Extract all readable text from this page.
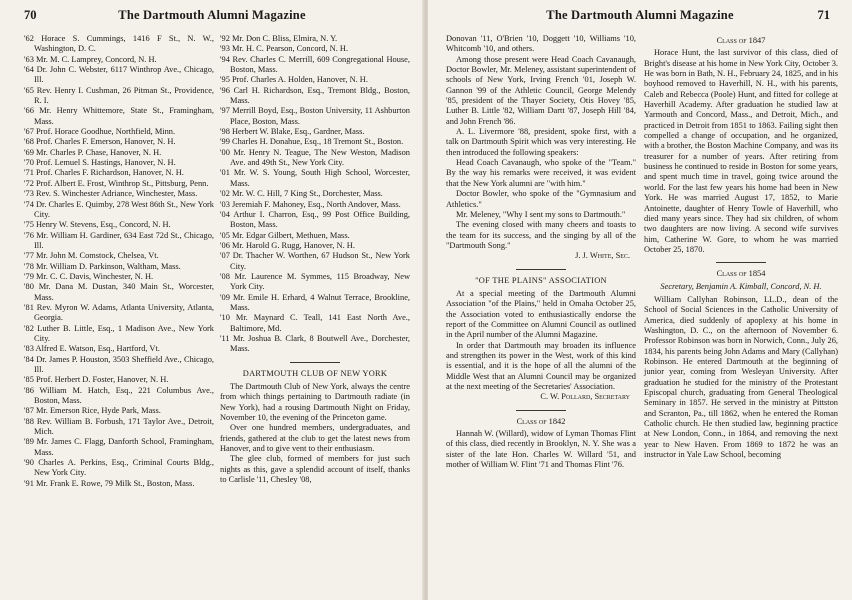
70	The Dartmouth Alumni Magazine
'62 Horace S. Cummings, 1416 F St., N. W., Washington, D. C.
'63 Mr. M. C. Lamprey, Concord, N. H.
'64 Dr. John C. Webster, 6117 Winthrop Ave., Chicago, Ill.
'65 Rev. Henry I. Cushman, 26 Pitman St., Providence, R. I.
'66 Mr. Henry Whittemore, State St., Framingham, Mass.
'67 Prof. Horace Goodhue, Northfield, Minn.
'68 Prof. Charles F. Emerson, Hanover, N. H.
'69 Mr. Charles P. Chase, Hanover, N. H.
'70 Prof. Lemuel S. Hastings, Hanover, N. H.
'71 Prof. Charles F. Richardson, Hanover, N. H.
'72 Prof. Albert E. Frost, Winthrop St., Pittsburg, Penn.
'73 Rev. S. Winchester Adriance, Winchester, Mass.
'74 Dr. Charles E. Quimby, 278 West 86th St., New York City.
'75 Henry W. Stevens, Esq., Concord, N. H.
'76 Mr. William H. Gardiner, 634 East 72d St., Chicago, Ill.
'77 Mr. John M. Comstock, Chelsea, Vt.
'78 Mr. William D. Parkinson, Waltham, Mass.
'79 Mr. C. C. Davis, Winchester, N. H.
'80 Mr. Dana M. Dustan, 340 Main St., Worcester, Mass.
'81 Rev. Myron W. Adams, Atlanta University, Atlanta, Georgia.
'82 Luther B. Little, Esq., 1 Madison Ave., New York City.
'83 Alfred E. Watson, Esq., Hartford, Vt.
'84 Dr. James P. Houston, 3503 Sheffield Ave., Chicago, Ill.
'85 Prof. Herbert D. Foster, Hanover, N. H.
'86 William M. Hatch, Esq., 221 Columbus Ave., Boston, Mass.
'87 Mr. Emerson Rice, Hyde Park, Mass.
'88 Rev. William B. Forbush, 171 Taylor Ave., Detroit, Mich.
'89 Mr. James C. Flagg, Danforth School, Framingham, Mass.
'90 Charles A. Perkins, Esq., Criminal Courts Bldg., New York City.
'91 Mr. Frank E. Rowe, 79 Milk St., Boston, Mass.
'92 Mr. Don C. Bliss, Elmira, N. Y.
'93 Mr. H. C. Pearson, Concord, N. H.
'94 Rev. Charles C. Merrill, 609 Congregational House, Boston, Mass.
'95 Prof. Charles A. Holden, Hanover, N. H.
'96 Carl H. Richardson, Esq., Tremont Bldg., Boston, Mass.
'97 Merrill Boyd, Esq., Boston University, 11 Ashburton Place, Boston, Mass.
'98 Herbert W. Blake, Esq., Gardner, Mass.
'99 Charles H. Donahue, Esq., 18 Tremont St., Boston.
'00 Mr. Henry N. Teague, The New Weston, Madison Ave. and 49th St., New York City.
'01 Mr. W. S. Young, South High School, Worcester, Mass.
'02 Mr. W. C. Hill, 7 King St., Dorchester, Mass.
'03 Jeremiah F. Mahoney, Esq., North Andover, Mass.
'04 Arthur I. Charron, Esq., 99 Post Office Building, Boston, Mass.
'05 Mr. Edgar Gilbert, Methuen, Mass.
'06 Mr. Harold G. Rugg, Hanover, N. H.
'07 Dr. Thacher W. Worthen, 67 Hudson St., New York City.
'08 Mr. Laurence M. Symmes, 115 Broadway, New York City.
'09 Mr. Emile H. Erhard, 4 Walnut Terrace, Brookline, Mass.
'10 Mr. Maynard C. Teall, 141 East North Ave., Baltimore, Md.
'11 Mr. Joshua B. Clark, 8 Boutwell Ave., Dorchester, Mass.
DARTMOUTH CLUB OF NEW YORK
The Dartmouth Club of New York, always the centre from which things pertaining to Dartmouth radiate (in New York), had a rousing Dartmouth Night on Friday, November 10, the evening of the Princeton game.
Over one hundred members, undergraduates, and friends, gathered at the club to get the latest news from Hanover, and to give vent to their enthusiasm.
The glee club, formed of members for just such nights as this, gave a splendid account of itself, thanks to Carlisle '11, Chesley '08,
The Dartmouth Alumni Magazine	71
Donovan '11, O'Brien '10, Doggett '10, Williams '10, Whitcomb '10, and others.
Among those present were Head Coach Cavanaugh, Doctor Bowler, Mr. Meleney, assistant superintendent of schools of New York, Irving French '01, Joseph W. Gannon '99 of the Athletic Council, George Melendy '85, president of the Thayer Society, Otis Hovey '85, Luther B. Little '82, William Dartt '87, Joseph Hill '84, and John French '86.
A. L. Livermore '88, president, spoke first, with a talk on Dartmouth Spirit which was very interesting. He then introduced the following speakers:
Head Coach Cavanaugh, who spoke of the "Team." By the way his remarks were received, it was evident that the New York alumni are "with him."
Doctor Bowler, who spoke of the "Gymnasium and Athletics."
Mr. Meleney, "Why I sent my sons to Dartmouth."
The evening closed with many cheers and toasts to the team for its success, and the singing by all of the "Dartmouth Song."
J. J. White, Sec.
"OF THE PLAINS" ASSOCIATION
At a special meeting of the Dartmouth Alumni Association "of the Plains," held in Omaha October 25, the Association voted to enthusiastically endorse the report of the Committee on Alumni Council as outlined in the April number of the Alumni Magazine.
In order that Dartmouth may broaden its influence and strengthen its power in the West, work of this kind is essential, and it is the hope of all the alumni of the Middle West that an Alumni Council may be organized at the next meeting of the Secretaries' Association.
C. W. Pollard, Secretary
Class of 1842
Hannah W. (Willard), widow of Lyman Thomas Flint of this class, died recently in Brooklyn, N. Y. She was a sister of the late Hon. Charles W. Willard '51, and mother of William W. Flint '71 and Thomas Flint '76.
Class of 1847
Horace Hunt, the last survivor of this class, died of Bright's disease at his home in New York City, October 3. He was born in Bath, N. H., February 24, 1825, and in his boyhood removed to Haverhill, N. H., with his parents, Caleb and Rebecca (Poole) Hunt, and fitted for college at Haverhill Academy. After graduation he studied law at Yarmouth and Concord, Mass., and Detroit, Mich., and practiced in Detroit from 1851 to 1863. Failing sight then compelled a change of occupation, and he organized, with a brother, the Boston Machine Company, and was its treasurer for a number of years. After retiring from business he continued to reside in Boston for some years, and spent much time in travel, going twice around the world. For the last few years his home had been in New York. He was married August 17, 1852, to Marie Antoinette, daughter of Henry Towle of Haverhill, who died many years since. They had six children, of whom two daughters are now living. A second wife survives him, Catherine W. Gore, to whom he was married October 25, 1870.
Class of 1854
Secretary, Benjamin A. Kimball, Concord, N. H.
William Callyhan Robinson, LL.D., dean of the School of Social Sciences in the Catholic University of America, died suddenly of apoplexy at his home in Washington, D. C., on the afternoon of November 6. Professor Robinson was born in Norwich, Conn., July 26, 1834, his parents being John Adams and Mary (Callyhan) Robinson. He entered Dartmouth at the beginning of junior year, coming from Wesleyan University. After graduation he studied for the ministry of the Protestant Episcopal church, graduating from General Theological Seminary in 1857. He served in the ministry at Pittston and Scranton, Pa., till 1862, when he entered the Roman Catholic church. He then studied law, beginning practice at New London, Conn., in 1864, and removing the next year to New Haven. From 1869 to 1872 he was an instructor in Yale Law School, becoming
